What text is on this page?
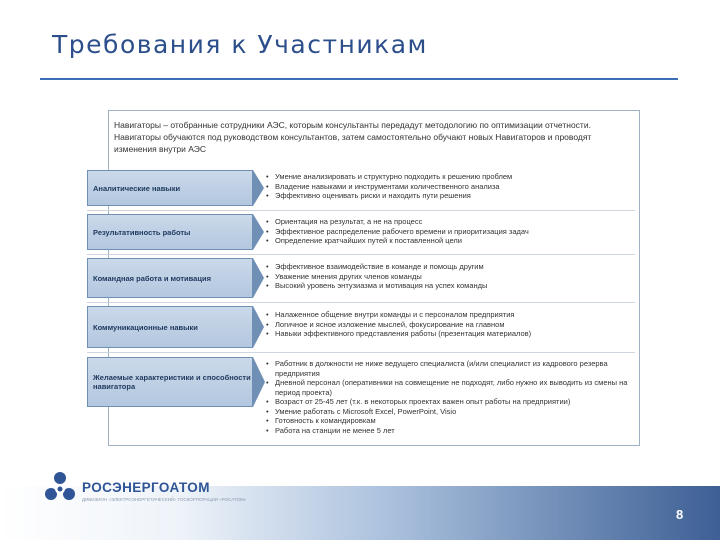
Требования к Участникам
Навигаторы – отобранные сотрудники АЭС, которым консультанты передадут методологию по оптимизации отчетности. Навигаторы обучаются под руководством консультантов, затем самостоятельно обучают новых Навигаторов и проводят изменения внутри АЭС
Аналитические навыки
• Умение анализировать и структурно подходить к решению проблем
• Владение навыками и инструментами количественного анализа
• Эффективно оценивать риски и находить пути решения
Результативность работы
• Ориентация на результат, а не на процесс
• Эффективное распределение рабочего времени и приоритизация задач
• Определение кратчайших путей к поставленной цели
Командная работа и мотивация
• Эффективное взаимодействие в команде и помощь другим
• Уважение мнения других членов команды
• Высокий уровень энтузиазма и мотивация на успех команды
Коммуникационные навыки
• Налаженное общение внутри команды и с персоналом предприятия
• Логичное и ясное изложение мыслей, фокусирование на главном
• Навыки эффективного представления работы (презентация материалов)
Желаемые характеристики и способности навигатора
• Работник в должности не ниже ведущего специалиста (и/или специалист из кадрового резерва предприятия
• Дневной персонал (оперативники на совмещение не подходят, либо нужно их выводить из смены на период проекта)
• Возраст от 25-45 лет (т.к. в некоторых проектах важен опыт работы на предприятии)
• Умение работать с Microsoft Excel, PowerPoint, Visio
• Готовность к командировкам
• Работа на станции не менее 5 лет
РОСЭНЕРГОАТОМ
ДИВИЗИОН «ЭЛЕКТРОЭНЕРГЕТИЧЕСКИЙ» ГОСКОРПОРАЦИИ «РОСАТОМ»
8
